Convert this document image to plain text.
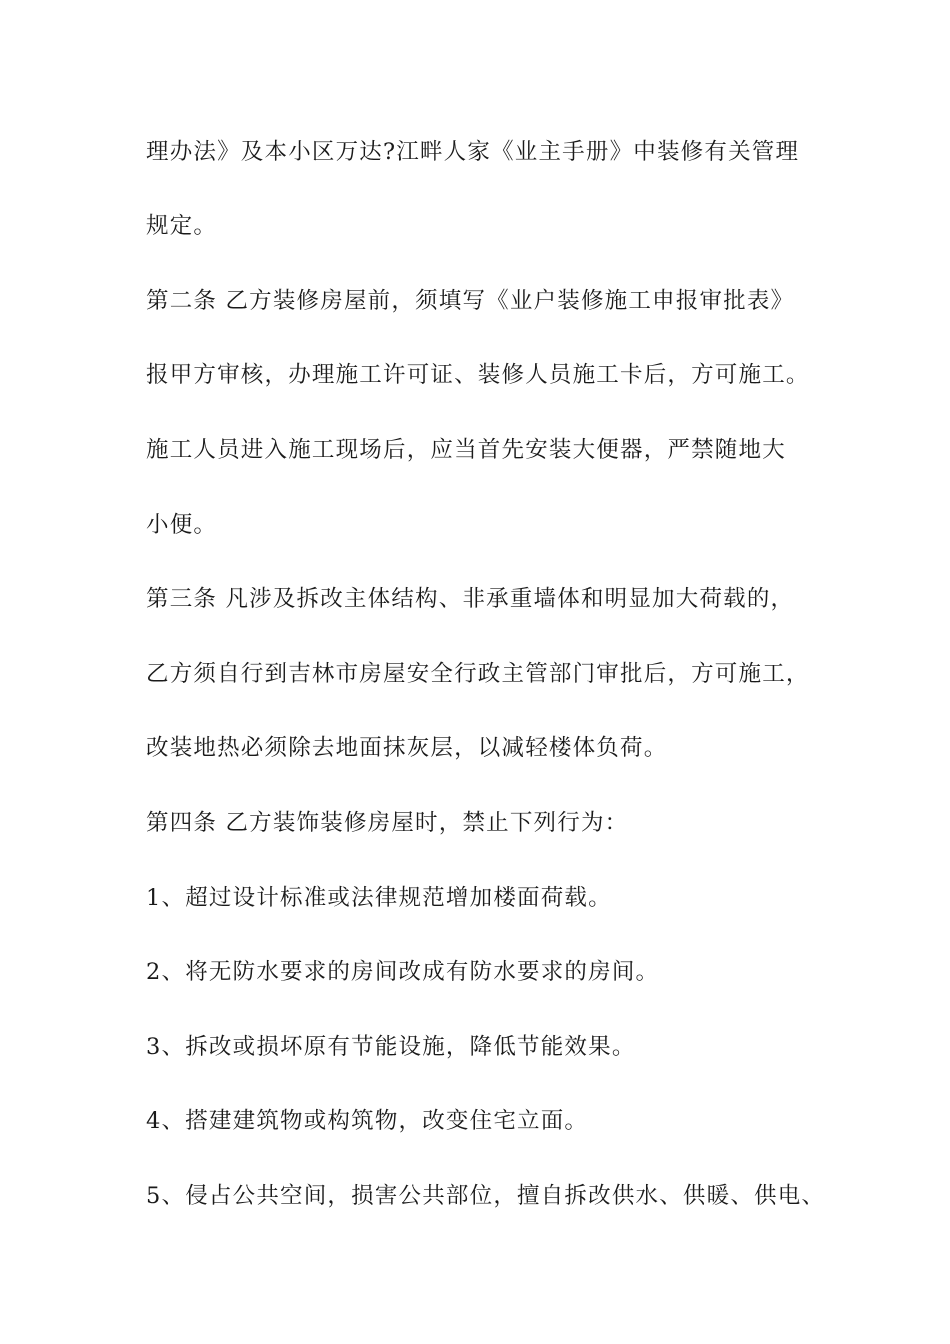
理办法》及本小区万达?江畔人家《业主手册》中装修有关管理
规定。
第二条 乙方装修房屋前，须填写《业户装修施工申报审批表》
报甲方审核，办理施工许可证、装修人员施工卡后，方可施工。
施工人员进入施工现场后，应当首先安装大便器，严禁随地大
小便。
第三条 凡涉及拆改主体结构、非承重墙体和明显加大荷载的，
乙方须自行到吉林市房屋安全行政主管部门审批后，方可施工，
改装地热必须除去地面抹灰层，以减轻楼体负荷。
第四条 乙方装饰装修房屋时，禁止下列行为：
1、超过设计标准或法律规范增加楼面荷载。
2、将无防水要求的房间改成有防水要求的房间。
3、拆改或损坏原有节能设施，降低节能效果。
4、搭建建筑物或构筑物，改变住宅立面。
5、侵占公共空间，损害公共部位，擅自拆改供水、供暖、供电、
